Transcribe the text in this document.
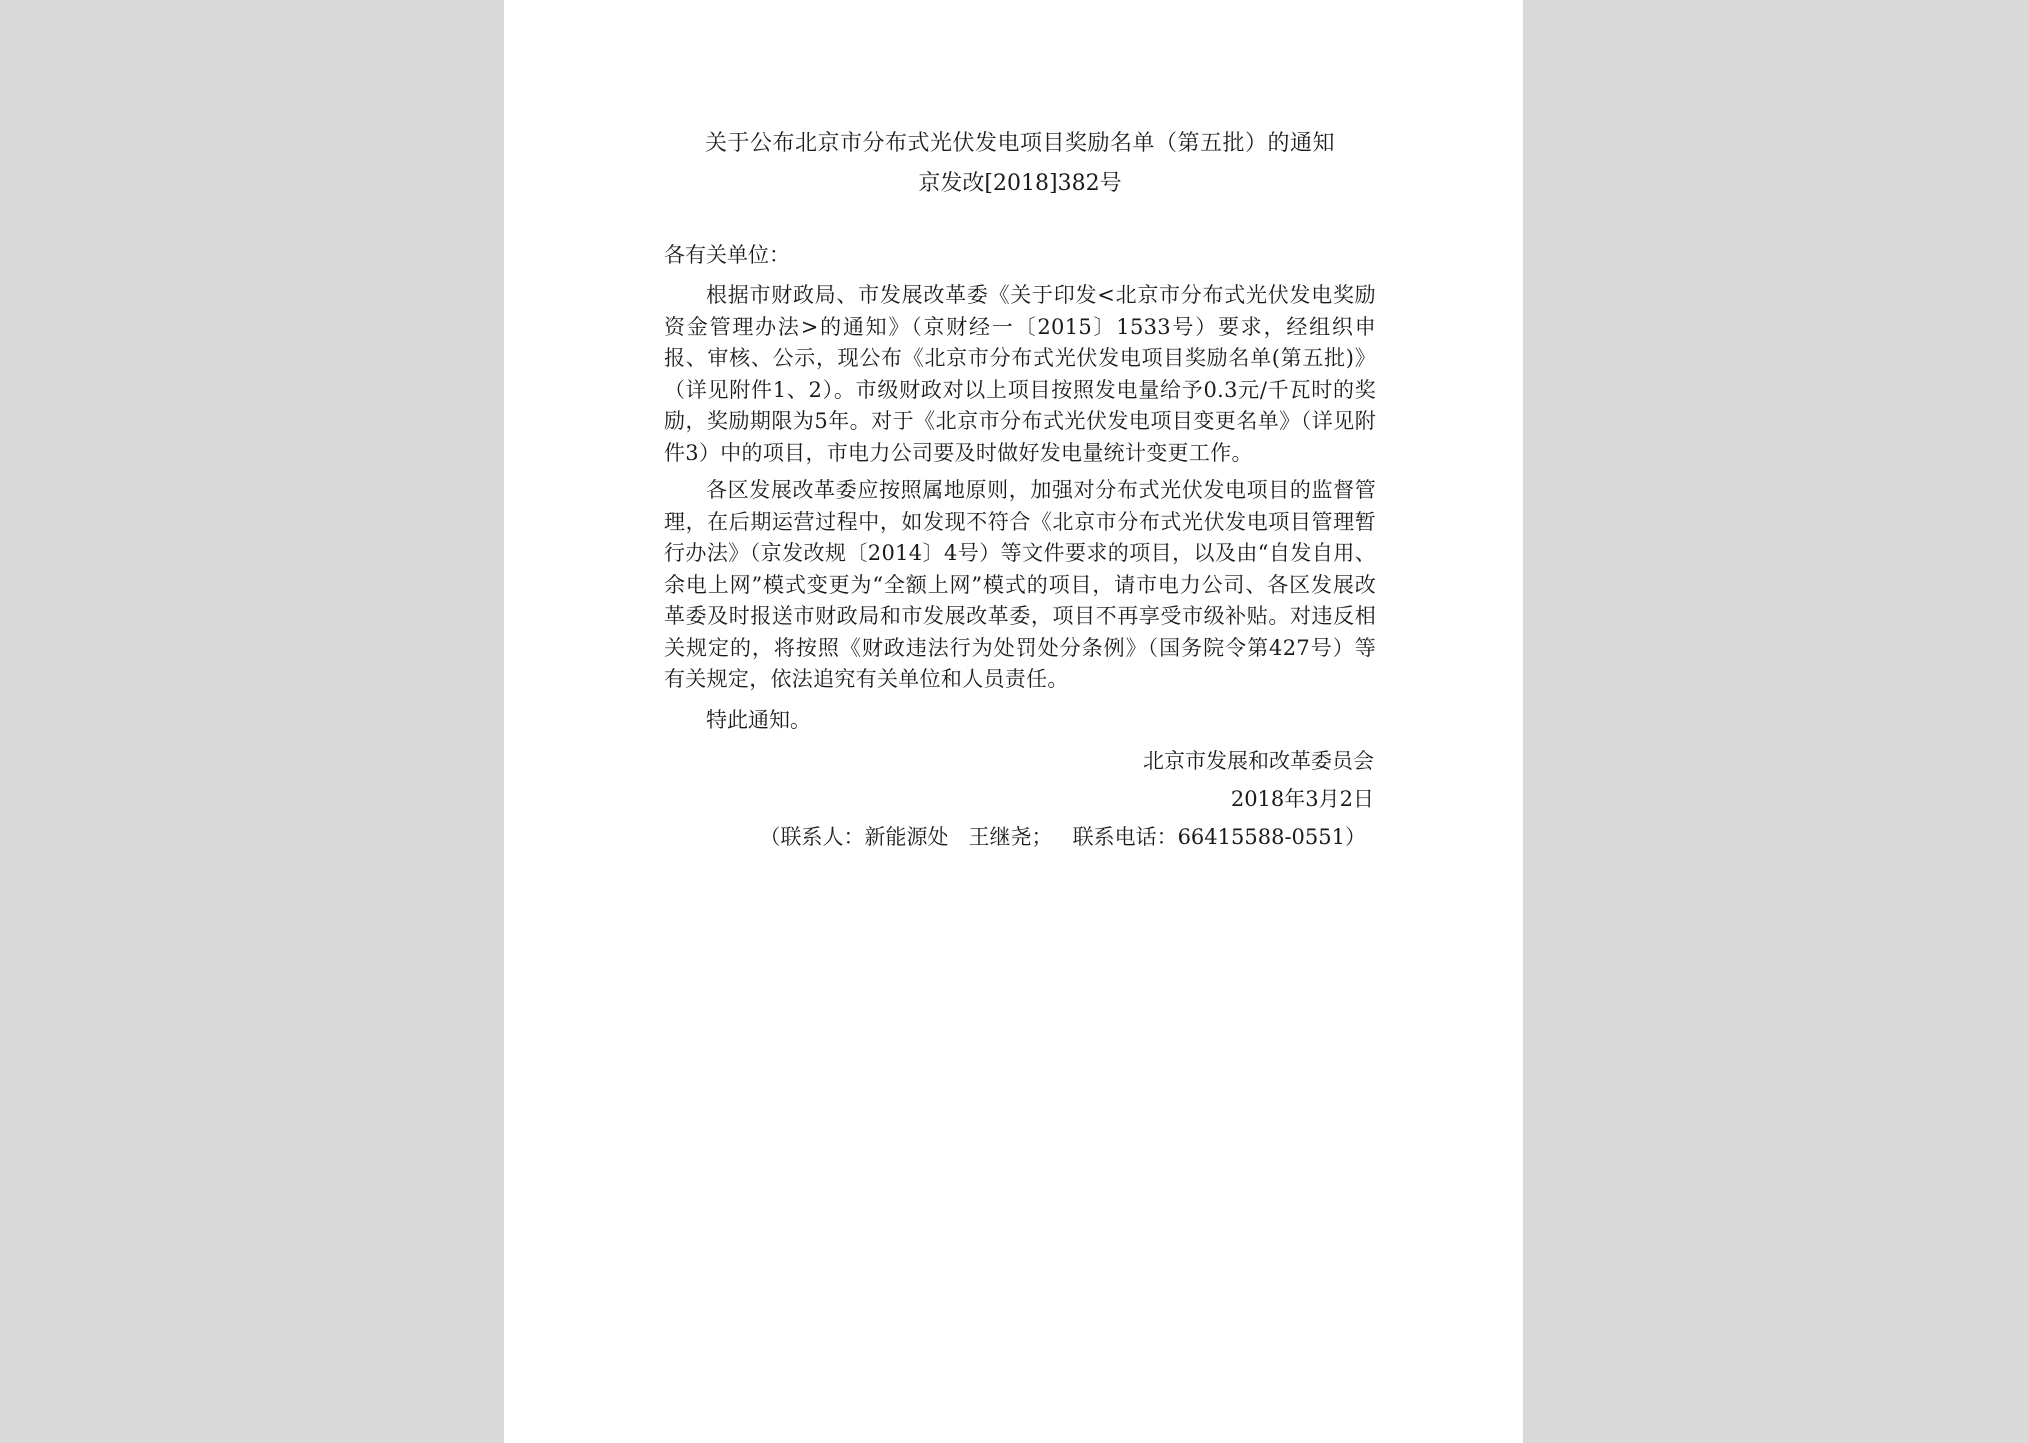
关于公布北京市分布式光伏发电项目奖励名单（第五批）的通知
京发改[2018]382号
各有关单位：

根据市财政局、市发展改革委《关于印发<北京市分布式光伏发电奖励资金管理办法>的通知》（京财经一〔2015〕1533号）要求，经组织申报、审核、公示，现公布《北京市分布式光伏发电项目奖励名单(第五批)》（详见附件1、2）。市级财政对以上项目按照发电量给予0.3元/千瓦时的奖励，奖励期限为5年。对于《北京市分布式光伏发电项目变更名单》（详见附件3）中的项目，市电力公司要及时做好发电量统计变更工作。

各区发展改革委应按照属地原则，加强对分布式光伏发电项目的监督管理，在后期运营过程中，如发现不符合《北京市分布式光伏发电项目管理暂行办法》（京发改规〔2014〕4号）等文件要求的项目，以及由“自发自用、余电上网”模式变更为“全额上网”模式的项目，请市电力公司、各区发展改革委及时报送市财政局和市发展改革委，项目不再享受市级补贴。对违反相关规定的，将按照《财政违法行为处罚处分条例》（国务院令第427号）等有关规定，依法追究有关单位和人员责任。

特此通知。
北京市发展和改革委员会
2018年3月2日
（联系人：新能源处   王继尧；   联系电话：66415588-0551）
